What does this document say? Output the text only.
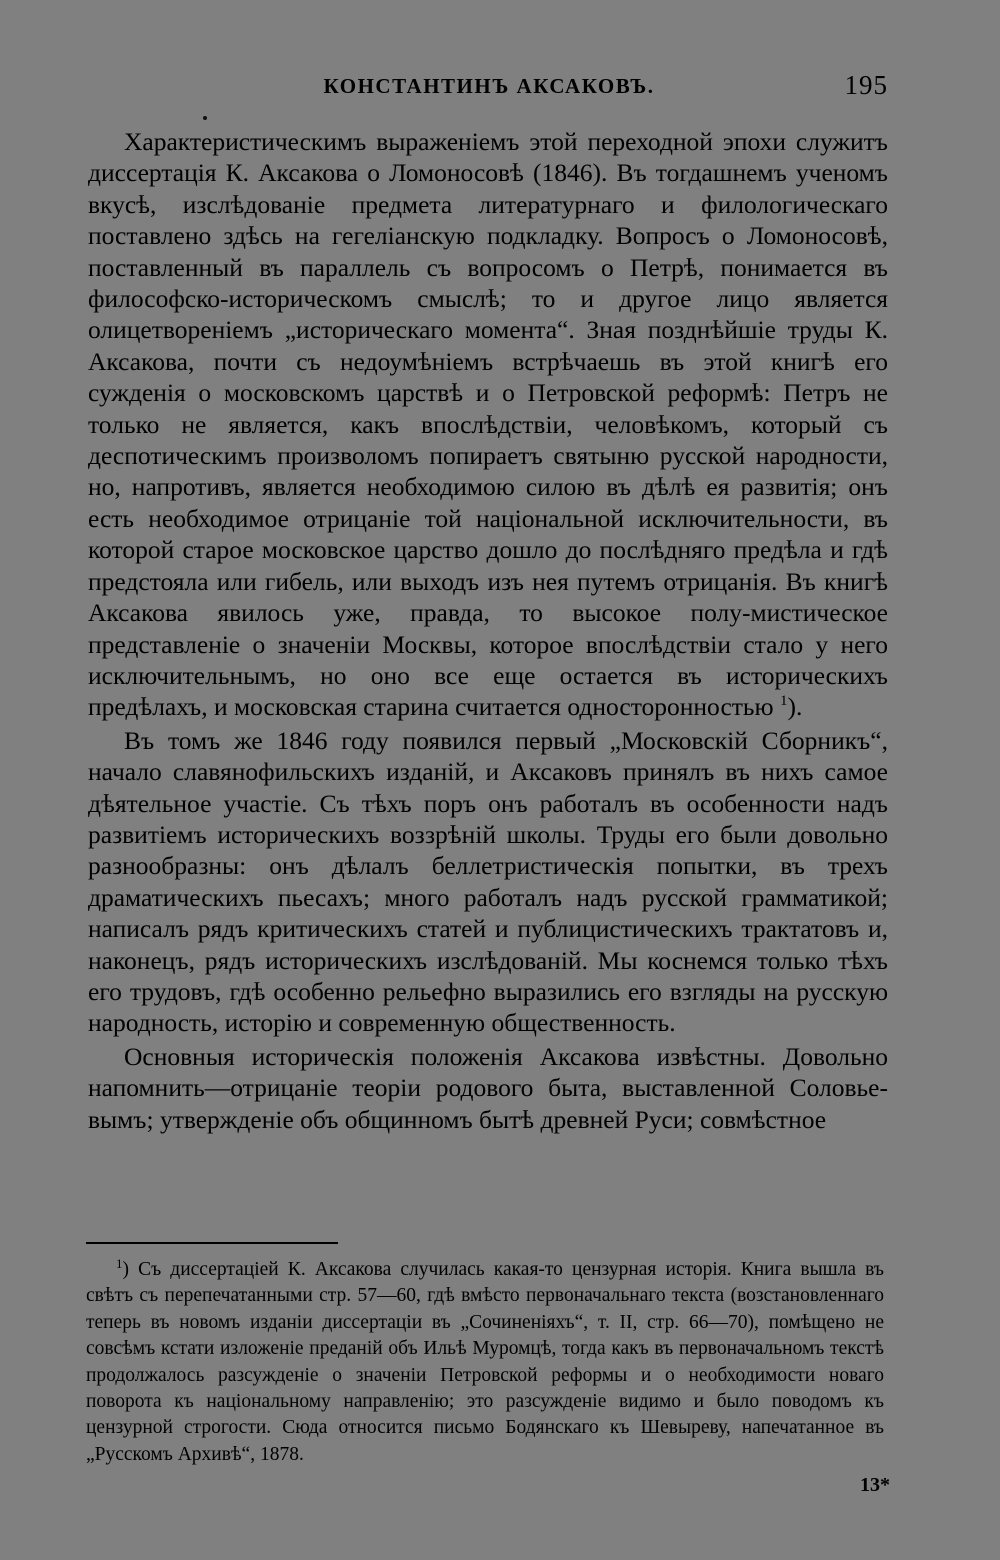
КОНСТАНТИНЪ АКСАКОВЪ.	195

Характеристическимъ выраженіемъ этой переходной эпохи служитъ диссертація К. Аксакова о Ломоносовѣ (1846). Въ тогдашнемъ ученомъ вкусѣ, изслѣдованіе предмета литературнаго и филологическаго поставлено здѣсь на гегеліанскую подкладку. Вопросъ о Ломоносовѣ, поставленный въ параллель съ вопросомъ о Петрѣ, понимается въ философско-историческомъ смыслѣ; то и другое лицо является олицетвореніемъ „историческаго момента“. Зная позднѣйшіе труды К. Аксакова, почти съ недоумѣніемъ встрѣчаешь въ этой книгѣ его сужденія о московскомъ царствѣ и о Петровской реформѣ: Петръ не только не является, какъ впослѣдствіи, человѣкомъ, который съ деспотическимъ произволомъ попираетъ святыню русской народности, но, напротивъ, является необходимою силою въ дѣлѣ ея развитія; онъ есть необходимое отрицаніе той національной исключительности, въ которой старое московское царство дошло до послѣдняго предѣла и гдѣ предстояла или гибель, или выходъ изъ нея путемъ отрицанія. Въ книгѣ Аксакова явилось уже, правда, то высокое полу-мистическое представленіе о значеніи Москвы, которое впослѣдствіи стало у него исключительнымъ, но оно все еще остается въ историческихъ предѣлахъ, и московская старина считается односторонностью $^1$).

Въ томъ же 1846 году появился первый „Московскій Сборникъ“, начало славянофильскихъ изданій, и Аксаковъ принялъ въ нихъ самое дѣятельное участіе. Съ тѣхъ поръ онъ работалъ въ особенности надъ развитіемъ историческихъ воззрѣній школы. Труды его были довольно разнообразны: онъ дѣлалъ беллетристическія попытки, въ трехъ драматическихъ пьесахъ; много работалъ надъ русской грамматикой; написалъ рядъ критическихъ статей и публицистическихъ трактатовъ и, наконецъ, рядъ историческихъ изслѣдованій. Мы коснемся только тѣхъ его трудовъ, гдѣ особенно рельефно выразились его взгляды на русскую народность, исторію и современную общественность.

Основныя историческія положенія Аксакова извѣстны. Довольно напомнить—отрицаніе теоріи родового быта, выставленной Соловьевымъ; утвержденіе объ общинномъ бытѣ древней Руси; совмѣстное

$^1$) Съ диссертаціей К. Аксакова случилась какая-то цензурная исторія. Книга вышла въ свѣтъ съ перепечатанными стр. 57—60, гдѣ вмѣсто первоначальнаго текста (возстановленнаго теперь въ новомъ изданіи диссертаціи въ „Сочиненіяхъ“, т. II, стр. 66—70), помѣщено не совсѣмъ кстати изложеніе преданій объ Ильѣ Муромцѣ, тогда какъ въ первоначальномъ текстѣ продолжалось разсужденіе о значеніи Петровской реформы и о необходимости новаго поворота къ національному направленію; это разсужденіе видимо и было поводомъ къ цензурной строгости. Сюда относится письмо Бодянскаго къ Шевыреву, напечатанное въ „Русскомъ Архивѣ“, 1878.

13*
